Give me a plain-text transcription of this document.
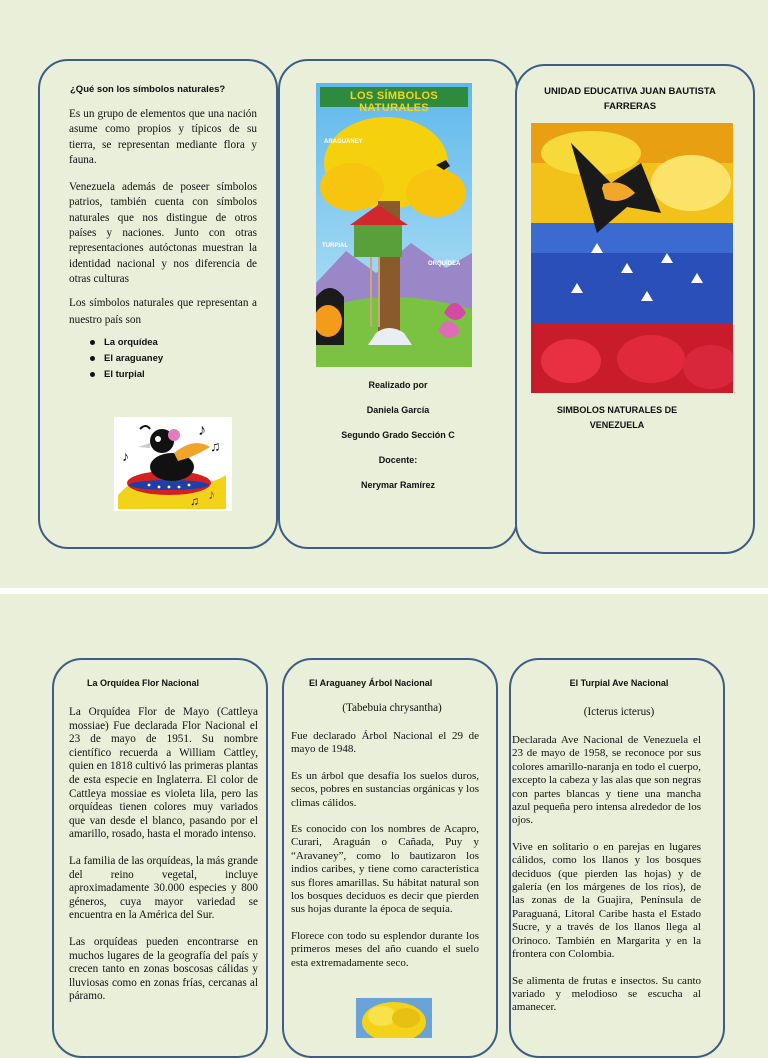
¿Qué son los símbolos naturales?

Es un grupo de elementos que una nación asume como propios y típicos de su tierra, se representan mediante flora y fauna.

Venezuela además de poseer símbolos patrios, también cuenta con símbolos naturales que nos distingue de otros países y naciones. Junto con otras representaciones autóctonas muestran la identidad nacional y nos diferencia de otras culturas

Los símbolos naturales que representan a nuestro país son

La orquídea
El araguaney
El turpial
♪
♫
♪
♪
♫
LOS SÍMBOLOS NATURALES
ARAGUANEY
TURPIAL
ORQUÍDEA
Realizado por
Daniela García
Segundo Grado Sección C
Docente:
Nerymar Ramírez
UNIDAD EDUCATIVA JUAN BAUTISTA FARRERAS
SIMBOLOS NATURALES DE VENEZUELA
La Orquídea Flor Nacional

La Orquídea Flor de Mayo (Cattleya mossiae) Fue declarada Flor Nacional el 23 de mayo de 1951. Su nombre científico recuerda a William Cattley, quien en 1818 cultivó las primeras plantas de esta especie en Inglaterra. El color de Cattleya mossiae es violeta lila, pero las orquídeas tienen colores muy variados que van desde el blanco, pasando por el amarillo, rosado, hasta el morado intenso.

La familia de las orquídeas, la más grande del reino vegetal, incluye aproximadamente 30.000 especies y 800 géneros, cuya mayor variedad se encuentra en la América del Sur.

Las orquídeas pueden encontrarse en muchos lugares de la geografía del país y crecen tanto en zonas boscosas cálidas y lluviosas como en zonas frías, cercanas al páramo.

El Araguaney Árbol Nacional
(Tabebuia chrysantha)

Fue declarado Árbol Nacional el 29 de mayo de 1948.

Es un árbol que desafía los suelos duros, secos, pobres en sustancias orgánicas y los climas cálidos.

Es conocido con los nombres de Acapro, Curari, Araguán o Cañada, Puy y “Aravaney”, como lo bautizaron los indios caribes, y tiene como característica sus flores amarillas. Su hábitat natural son los bosques deciduos es decir que pierden sus hojas durante la época de sequía.

Florece con todo su esplendor durante los primeros meses del año cuando el suelo esta extremadamente seco.

El Turpial Ave Nacional
(Icterus icterus)

Declarada Ave Nacional de Venezuela el 23 de mayo de 1958, se reconoce por sus colores amarillo-naranja en todo el cuerpo, excepto la cabeza y las alas que son negras con partes blancas y tiene una mancha azul pequeña pero intensa alrededor de los ojos.

Vive en solitario o en parejas en lugares cálidos, como los llanos y los bosques deciduos (que pierden las hojas) y de galería (en los márgenes de los ríos), de las zonas de la Guajira, Península de Paraguaná, Litoral Caribe hasta el Estado Sucre, y a través de los llanos llega al Orinoco. También en Margarita y en la frontera con Colombia.

Se alimenta de frutas e insectos. Su canto variado y melodioso se escucha al amanecer.
